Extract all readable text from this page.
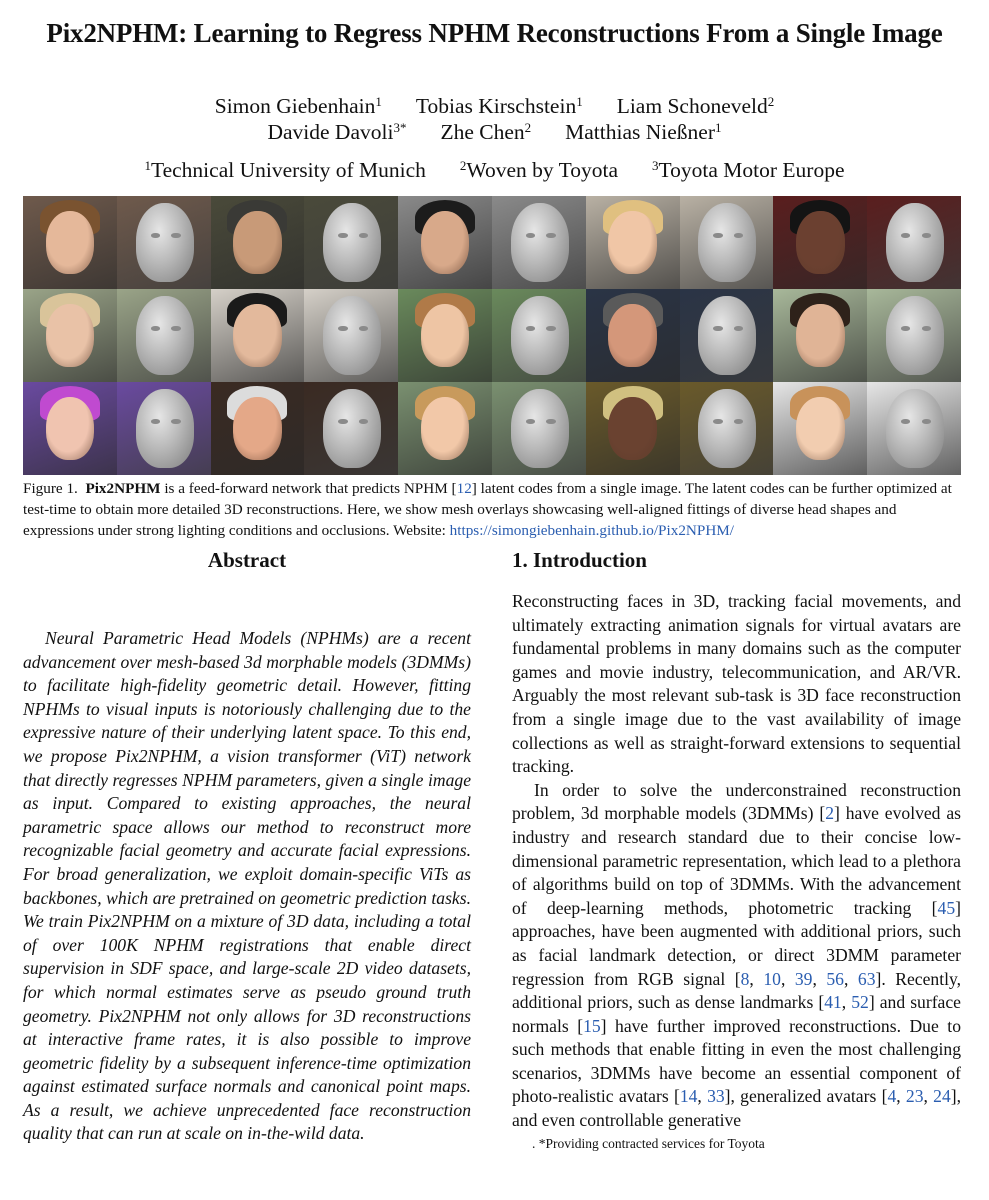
Pix2NPHM: Learning to Regress NPHM Reconstructions From a Single Image
Simon Giebenhain$^1$ Tobias Kirschstein$^1$ Liam Schoneveld$^2$
Davide Davoli$^{3*}$ Zhe Chen$^2$ Matthias Nießner$^1$
$^1$Technical University of Munich	$^2$Woven by Toyota	$^3$Toyota Motor Europe
Figure 1. Pix2NPHM is a feed-forward network that predicts NPHM [12] latent codes from a single image. The latent codes can be further optimized at test-time to obtain more detailed 3D reconstructions. Here, we show mesh overlays showcasing well-aligned fittings of diverse head shapes and expressions under strong lighting conditions and occlusions. Website: https://simongiebenhain.github.io/Pix2NPHM/
Abstract

Neural Parametric Head Models (NPHMs) are a recent advancement over mesh-based 3d morphable models (3DMMs) to facilitate high-fidelity geometric detail. However, fitting NPHMs to visual inputs is notoriously challenging due to the expressive nature of their underlying latent space. To this end, we propose Pix2NPHM, a vision transformer (ViT) network that directly regresses NPHM parameters, given a single image as input. Compared to existing approaches, the neural parametric space allows our method to reconstruct more recognizable facial geometry and accurate facial expressions. For broad generalization, we exploit domain-specific ViTs as backbones, which are pretrained on geometric prediction tasks. We train Pix2NPHM on a mixture of 3D data, including a total of over 100K NPHM registrations that enable direct supervision in SDF space, and large-scale 2D video datasets, for which normal estimates serve as pseudo ground truth geometry. Pix2NPHM not only allows for 3D reconstructions at interactive frame rates, it is also possible to improve geometric fidelity by a subsequent inference-time optimization against estimated surface normals and canonical point maps. As a result, we achieve unprecedented face reconstruction quality that can run at scale on in-the-wild data.

1. Introduction

Reconstructing faces in 3D, tracking facial movements, and ultimately extracting animation signals for virtual avatars are fundamental problems in many domains such as the computer games and movie industry, telecommunication, and AR/VR. Arguably the most relevant sub-task is 3D face reconstruction from a single image due to the vast availability of image collections as well as straight-forward extensions to sequential tracking.

In order to solve the underconstrained reconstruction problem, 3d morphable models (3DMMs) [2] have evolved as industry and research standard due to their concise low-dimensional parametric representation, which lead to a plethora of algorithms build on top of 3DMMs. With the advancement of deep-learning methods, photometric tracking [45] approaches, have been augmented with additional priors, such as facial landmark detection, or direct 3DMM parameter regression from RGB signal [8, 10, 39, 56, 63]. Recently, additional priors, such as dense landmarks [41, 52] and surface normals [15] have further improved reconstructions. Due to such methods that enable fitting in even the most challenging scenarios, 3DMMs have become an essential component of photo-realistic avatars [14, 33], generalized avatars [4, 23, 24], and even controllable generative

. *Providing contracted services for Toyota
